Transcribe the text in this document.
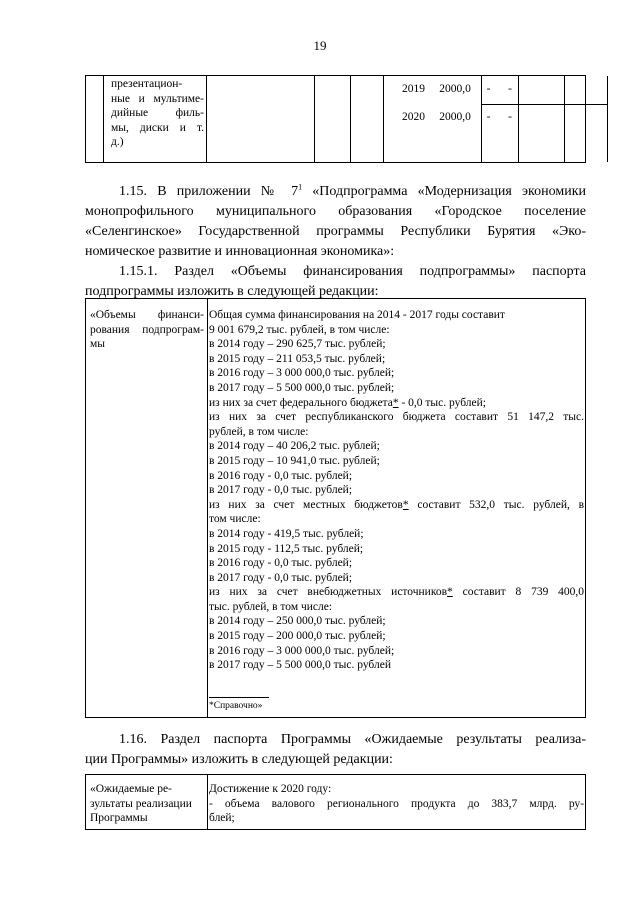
19
презентацион-
ные и мультиме-
дийные филь-
мы, диски и т.
д.)
2019	2000,0	-	-
2020	2000,0	-	-
1.15. В приложении № $7^1$ «Подпрограмма «Модернизация экономики
монопрофильного муниципального образования «Городское поселение
«Селенгинское» Государственной программы Республики Бурятия «Эко-
номическое развитие и инновационная экономика»:
1.15.1. Раздел «Объемы финансирования подпрограммы» паспорта
подпрограммы изложить в следующей редакции:
«Объемы финанси-
рования подпрограм-
мы
Общая сумма финансирования на 2014 - 2017 годы составит
9 001 679,2 тыс. рублей, в том числе:
в 2014 году – 290 625,7 тыс. рублей;
в 2015 году – 211 053,5 тыс. рублей;
в 2016 году – 3 000 000,0 тыс. рублей;
в 2017 году – 5 500 000,0 тыс. рублей;
из них за счет федерального бюджета* - 0,0 тыс. рублей;
из них за счет республиканского бюджета составит 51 147,2 тыс.
рублей, в том числе:
в 2014 году – 40 206,2 тыс. рублей;
в 2015 году – 10 941,0 тыс. рублей;
в 2016 году - 0,0 тыс. рублей;
в 2017 году - 0,0 тыс. рублей;
из них за счет местных бюджетов* составит 532,0 тыс. рублей, в
том числе:
в 2014 году - 419,5 тыс. рублей;
в 2015 году - 112,5 тыс. рублей;
в 2016 году - 0,0 тыс. рублей;
в 2017 году - 0,0 тыс. рублей;
из них за счет внебюджетных источников* составит 8 739 400,0
тыс. рублей, в том числе:
в 2014 году – 250 000,0 тыс. рублей;
в 2015 году – 200 000,0 тыс. рублей;
в 2016 году – 3 000 000,0 тыс. рублей;
в 2017 году – 5 500 000,0 тыс. рублей
*Справочно»
1.16. Раздел паспорта Программы «Ожидаемые результаты реализа-
ции Программы» изложить в следующей редакции:
«Ожидаемые ре-
зультаты реализации
Программы
Достижение к 2020 году:
- объема валового регионального продукта до 383,7 млрд. ру-
блей;
